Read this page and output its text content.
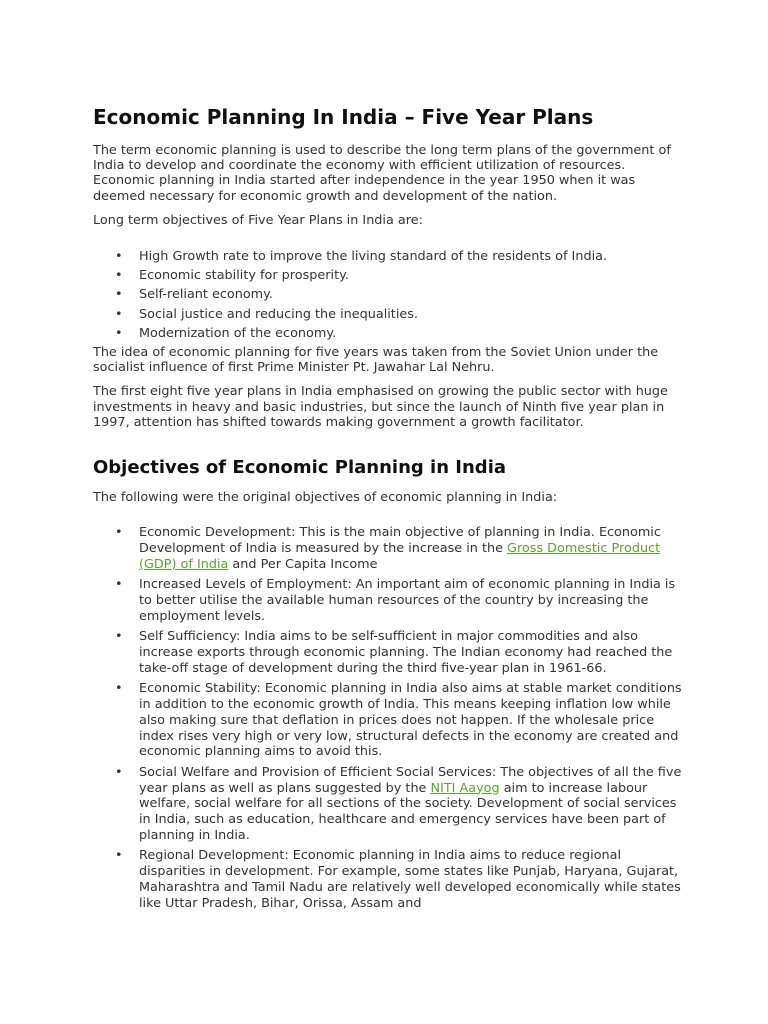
Economic Planning In India – Five Year Plans

The term economic planning is used to describe the long term plans of the government of India to develop and coordinate the economy with efficient utilization of resources. Economic planning in India started after independence in the year 1950 when it was deemed necessary for economic growth and development of the nation.

Long term objectives of Five Year Plans in India are:

• High Growth rate to improve the living standard of the residents of India.
• Economic stability for prosperity.
• Self-reliant economy.
• Social justice and reducing the inequalities.
• Modernization of the economy.

The idea of economic planning for five years was taken from the Soviet Union under the socialist influence of first Prime Minister Pt. Jawahar Lal Nehru.

The first eight five year plans in India emphasised on growing the public sector with huge investments in heavy and basic industries, but since the launch of Ninth five year plan in 1997, attention has shifted towards making government a growth facilitator.

Objectives of Economic Planning in India

The following were the original objectives of economic planning in India:

• Economic Development: This is the main objective of planning in India. Economic Development of India is measured by the increase in the Gross Domestic Product (GDP) of India and Per Capita Income
• Increased Levels of Employment: An important aim of economic planning in India is to better utilise the available human resources of the country by increasing the employment levels.
• Self Sufficiency: India aims to be self-sufficient in major commodities and also increase exports through economic planning. The Indian economy had reached the take-off stage of development during the third five-year plan in 1961-66.
• Economic Stability: Economic planning in India also aims at stable market conditions in addition to the economic growth of India. This means keeping inflation low while also making sure that deflation in prices does not happen. If the wholesale price index rises very high or very low, structural defects in the economy are created and economic planning aims to avoid this.
• Social Welfare and Provision of Efficient Social Services: The objectives of all the five year plans as well as plans suggested by the NITI Aayog aim to increase labour welfare, social welfare for all sections of the society. Development of social services in India, such as education, healthcare and emergency services have been part of planning in India.
• Regional Development: Economic planning in India aims to reduce regional disparities in development. For example, some states like Punjab, Haryana, Gujarat, Maharashtra and Tamil Nadu are relatively well developed economically while states like Uttar Pradesh, Bihar, Orissa, Assam and
